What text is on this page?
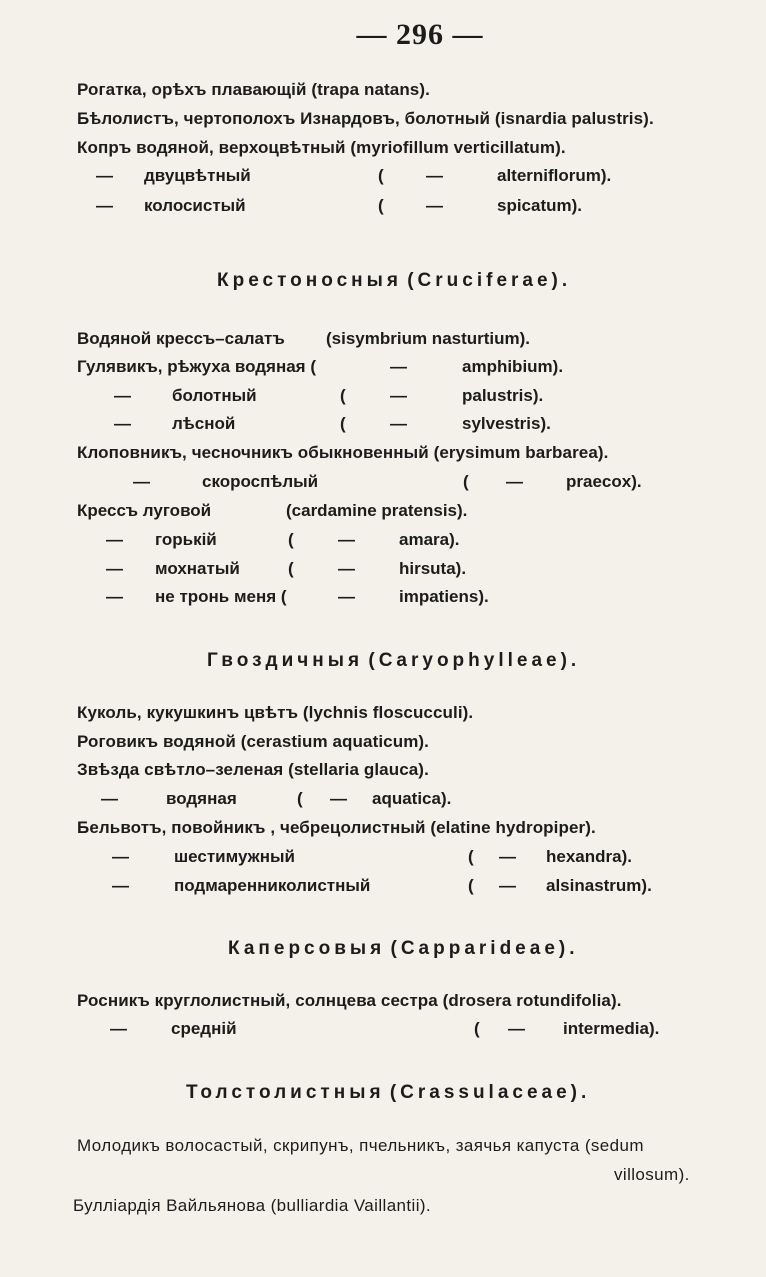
— 296 —
Рогатка, орѣхъ плавающій (trapa natans).
Бѣлолистъ, чертополохъ Изнардовъ, болотный (isnardia palustris).
Копръ водяной, верхоцвѣтный (myriofillum verticillatum).
— двуцвѣтный	( —	alterniflorum).
— колосистый	( —	spicatum).
Крестоносныя (Cruciferae).
Водяной крессъ–салатъ (sisymbrium nasturtium).
Гулявикъ, рѣжуха водяная (	—	amphibium).
— болотный	(	—	palustris).
— лѣсной	(	—	sylvestris).
Клоповникъ, чесночникъ обыкновенный (erysimum barbarea).
—	скороспѣлый	( —	praecox).
Крессъ луговой	(cardamine pratensis).
— горькій	(	—	amara).
— мохнатый	(	—	hirsuta).
— не тронь меня (	—	impatiens).
Гвоздичныя (Caryophylleae).
Куколь, кукушкинъ цвѣтъ (lychnis floscucculi).
Роговикъ водяной (cerastium aquaticum).
Звѣзда свѣтло–зеленая (stellaria glauca).
—	водяная	( — aquatica).
Бельвотъ, повойникъ , чебрецолистный (elatine hydropiper).
—	шестимужный	( — hexandra).
—	подмаренниколистный	( — alsinastrum).
Каперсовыя (Capparideae).
Росникъ круглолистный, солнцева сестра (drosera rotundifolia).
—	средній	( — intermedia).
Толстолистныя (Crassulaceae).
Молодикъ волосастый, скрипунъ, пчельникъ, заячья капуста (sedum
villosum).
Булліардія Вайльянова (bulliardia Vaillantii).
